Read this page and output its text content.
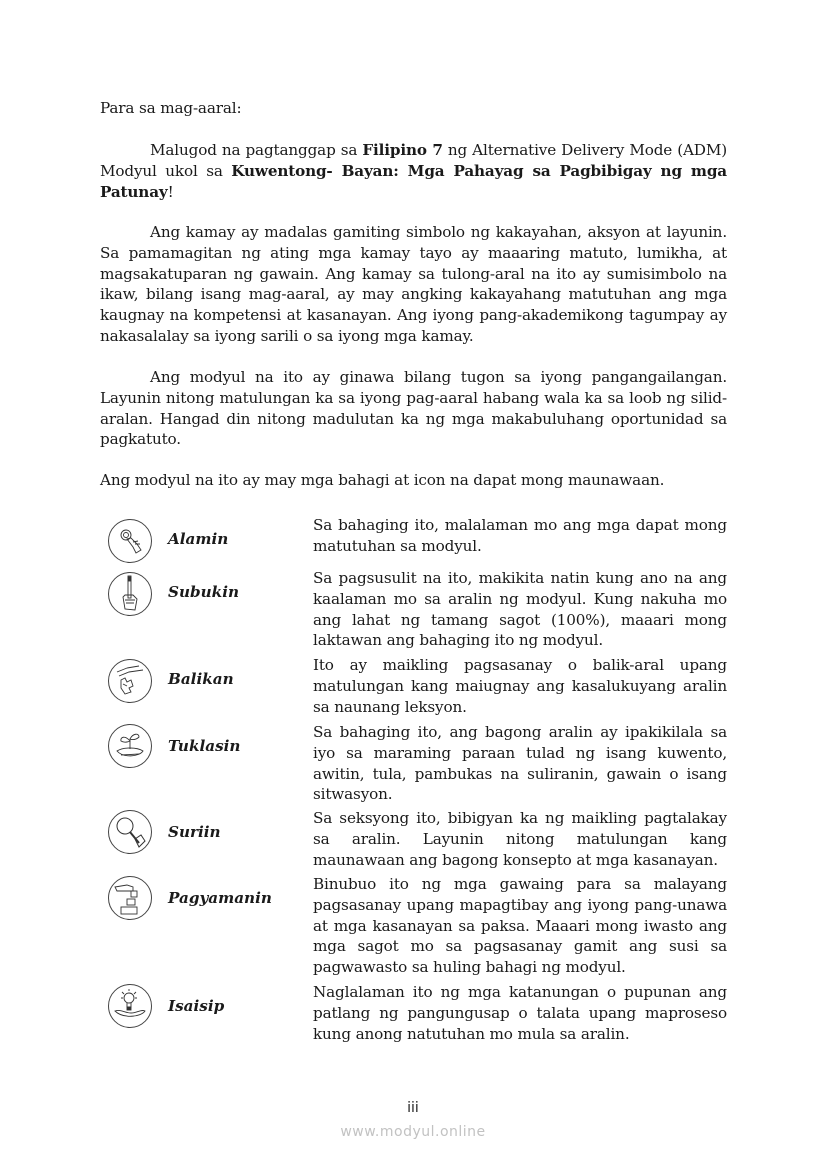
Para sa mag-aaral:

Malugod na pagtanggap sa Filipino 7 ng Alternative Delivery Mode (ADM) Modyul ukol sa Kuwentong- Bayan: Mga Pahayag sa Pagbibigay ng mga Patunay!

Ang kamay ay madalas gamiting simbolo ng kakayahan, aksyon at layunin. Sa pamamagitan ng ating mga kamay tayo ay maaaring matuto, lumikha, at magsakatuparan ng gawain. Ang kamay sa tulong-aral na ito ay sumisimbolo na ikaw, bilang isang mag-aaral, ay may angking kakayahang matutuhan ang mga kaugnay na kompetensi at kasanayan. Ang iyong pang-akademikong tagumpay ay nakasalalay sa iyong sarili o sa iyong mga kamay.

Ang modyul na ito ay ginawa bilang tugon sa iyong pangangailangan. Layunin nitong matulungan ka sa iyong pag-aaral habang wala ka sa loob ng silid-aralan. Hangad din nitong madulutan ka ng mga makabuluhang oportunidad sa pagkatuto.

Ang modyul na ito ay may mga bahagi at icon na dapat mong maunawaan.

Alamin
Sa bahaging ito, malalaman mo ang mga dapat mong matutuhan sa modyul.
Subukin
Sa pagsusulit na ito, makikita natin kung ano na ang kaalaman mo sa aralin ng modyul. Kung nakuha mo ang lahat ng tamang sagot (100%), maaari mong laktawan ang bahaging ito ng modyul.
Balikan
Ito ay maikling pagsasanay o balik-aral upang matulungan kang maiugnay ang kasalukuyang aralin sa naunang leksyon.
Tuklasin
Sa bahaging ito, ang bagong aralin ay ipakikilala sa iyo sa maraming paraan tulad ng isang kuwento, awitin, tula, pambukas na suliranin, gawain o isang sitwasyon.
Suriin
Sa seksyong ito, bibigyan ka ng maikling pagtalakay sa aralin. Layunin nitong matulungan kang maunawaan ang bagong konsepto at mga kasanayan.
Pagyamanin
Binubuo ito ng mga gawaing para sa malayang pagsasanay upang mapagtibay ang iyong pang-unawa at mga kasanayan sa paksa. Maaari mong iwasto ang mga sagot mo sa pagsasanay gamit ang susi sa pagwawasto sa huling bahagi ng modyul.
Isaisip
Naglalaman ito ng mga katanungan o pupunan ang patlang ng pangungusap o talata upang maproseso kung anong natutuhan mo mula sa aralin.
iii
www.modyul.online
